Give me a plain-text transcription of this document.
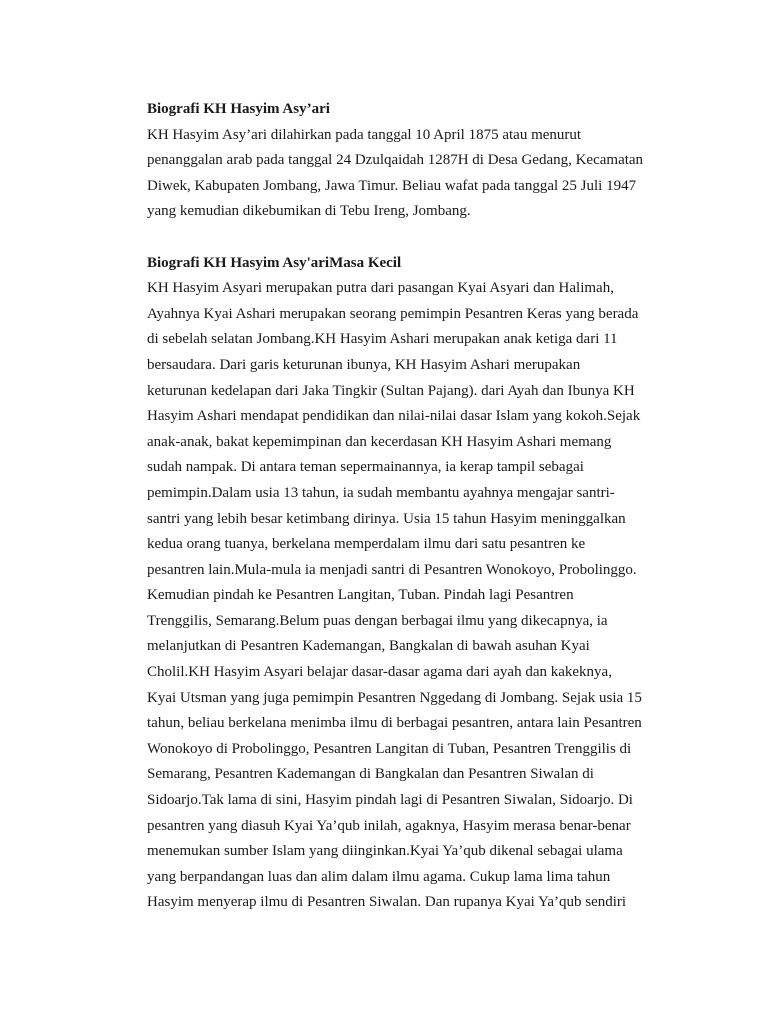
Biografi KH Hasyim Asy’ari
KH Hasyim Asy’ari dilahirkan pada tanggal 10 April 1875 atau menurut
penanggalan arab pada tanggal 24 Dzulqaidah 1287H di Desa Gedang, Kecamatan
Diwek, Kabupaten Jombang, Jawa Timur. Beliau wafat pada tanggal 25 Juli 1947
yang kemudian dikebumikan di Tebu Ireng, Jombang.
Biografi KH Hasyim Asy'ariMasa Kecil
KH Hasyim Asyari merupakan putra dari pasangan Kyai Asyari dan Halimah,
Ayahnya Kyai Ashari merupakan seorang pemimpin Pesantren Keras yang berada
di sebelah selatan Jombang.KH Hasyim Ashari merupakan anak ketiga dari 11
bersaudara. Dari garis keturunan ibunya, KH Hasyim Ashari merupakan
keturunan kedelapan dari Jaka Tingkir (Sultan Pajang). dari Ayah dan Ibunya KH
Hasyim Ashari mendapat pendidikan dan nilai-nilai dasar Islam yang kokoh.Sejak
anak-anak, bakat kepemimpinan dan kecerdasan KH Hasyim Ashari memang
sudah nampak. Di antara teman sepermainannya, ia kerap tampil sebagai
pemimpin.Dalam usia 13 tahun, ia sudah membantu ayahnya mengajar santri-
santri yang lebih besar ketimbang dirinya. Usia 15 tahun Hasyim meninggalkan
kedua orang tuanya, berkelana memperdalam ilmu dari satu pesantren ke
pesantren lain.Mula-mula ia menjadi santri di Pesantren Wonokoyo, Probolinggo.
Kemudian pindah ke Pesantren Langitan, Tuban. Pindah lagi Pesantren
Trenggilis, Semarang.Belum puas dengan berbagai ilmu yang dikecapnya, ia
melanjutkan di Pesantren Kademangan, Bangkalan di bawah asuhan Kyai
Cholil.KH Hasyim Asyari belajar dasar-dasar agama dari ayah dan kakeknya,
Kyai Utsman yang juga pemimpin Pesantren Nggedang di Jombang. Sejak usia 15
tahun, beliau berkelana menimba ilmu di berbagai pesantren, antara lain Pesantren
Wonokoyo di Probolinggo, Pesantren Langitan di Tuban, Pesantren Trenggilis di
Semarang, Pesantren Kademangan di Bangkalan dan Pesantren Siwalan di
Sidoarjo.Tak lama di sini, Hasyim pindah lagi di Pesantren Siwalan, Sidoarjo. Di
pesantren yang diasuh Kyai Ya’qub inilah, agaknya, Hasyim merasa benar-benar
menemukan sumber Islam yang diinginkan.Kyai Ya’qub dikenal sebagai ulama
yang berpandangan luas dan alim dalam ilmu agama. Cukup lama lima tahun
Hasyim menyerap ilmu di Pesantren Siwalan. Dan rupanya Kyai Ya’qub sendiri
